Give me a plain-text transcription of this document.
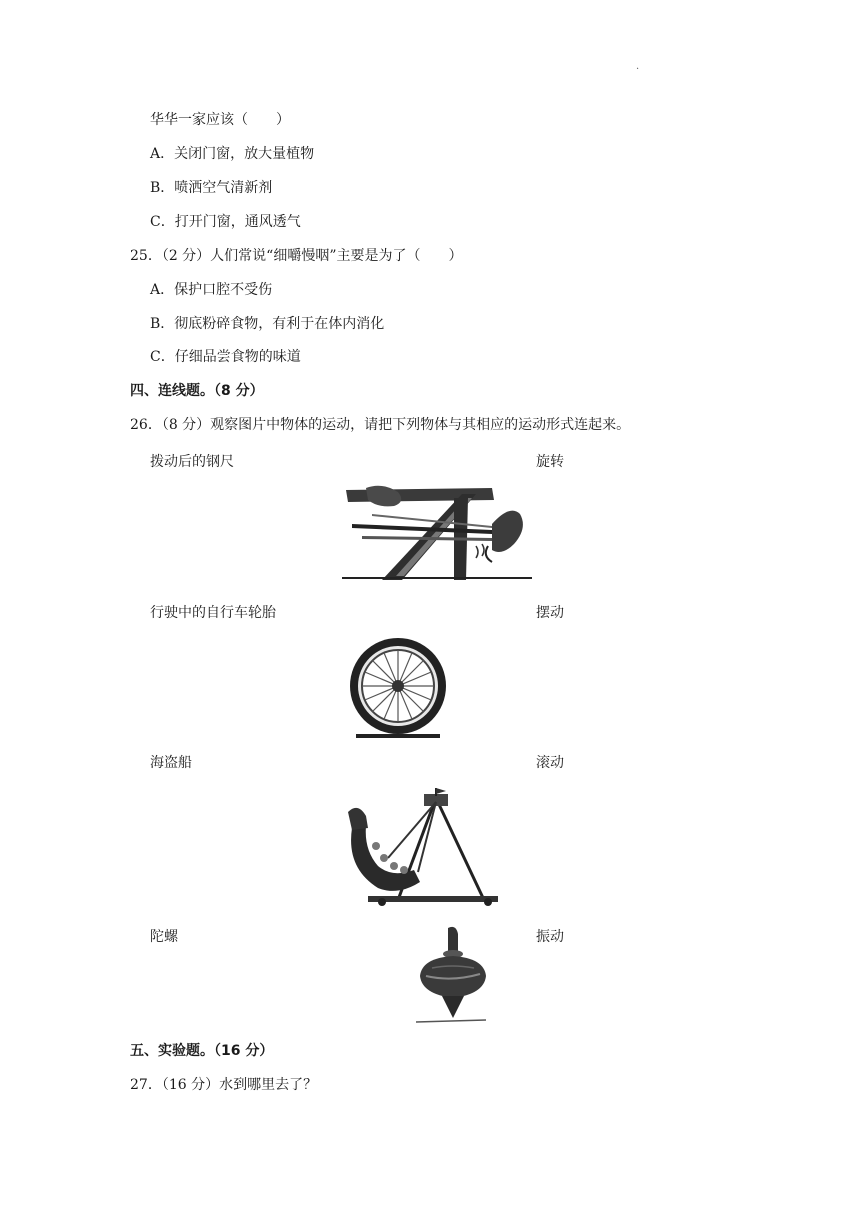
·
华华一家应该（　　）
A．关闭门窗，放大量植物
B．喷洒空气清新剂
C．打开门窗，通风透气
25．（2 分）人们常说“细嚼慢咽”主要是为了（　　）
A．保护口腔不受伤
B．彻底粉碎食物，有利于在体内消化
C．仔细品尝食物的味道
四、连线题。（8 分）
26．（8 分）观察图片中物体的运动，请把下列物体与其相应的运动形式连起来。
拨动后的钢尺	旋转
行驶中的自行车轮胎	摆动
海盗船	滚动
陀螺	振动
五、实验题。（16 分）
27．（16 分）水到哪里去了？
